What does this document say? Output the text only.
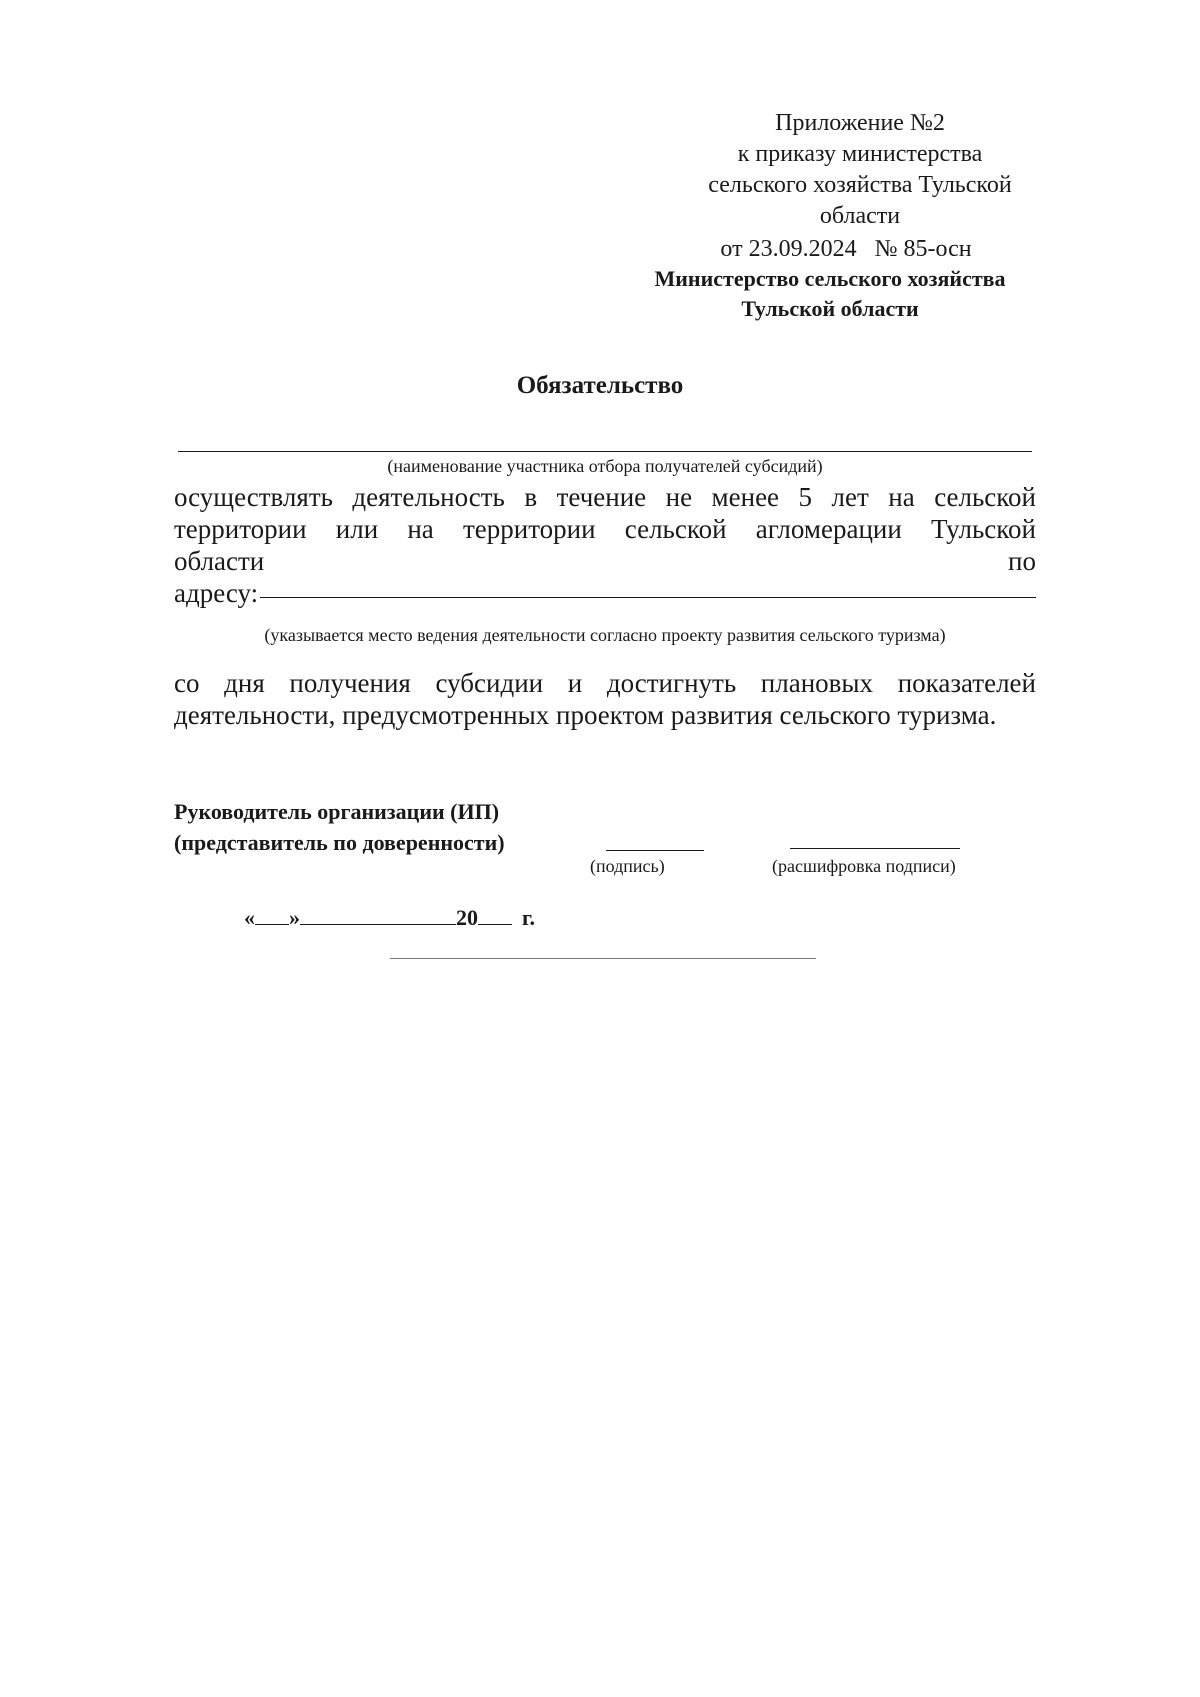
Приложение №2
к приказу министерства
сельского хозяйства Тульской
области
от 23.09.2024 № 85-осн
Министерство сельского хозяйства
Тульской области
Обязательство
(наименование участника отбора получателей субсидий)
осуществлять деятельность в течение не менее 5 лет на сельской
территории или на территории сельской агломерации Тульской
области	по
адресу:
(указывается место ведения деятельности согласно проекту развития сельского туризма)
со дня получения субсидии и достигнуть плановых показателей
деятельности, предусмотренных проектом развития сельского туризма.
Руководитель организации (ИП)
(представитель по доверенности)
(подпись)	(расшифровка подписи)
« »	20 г.
